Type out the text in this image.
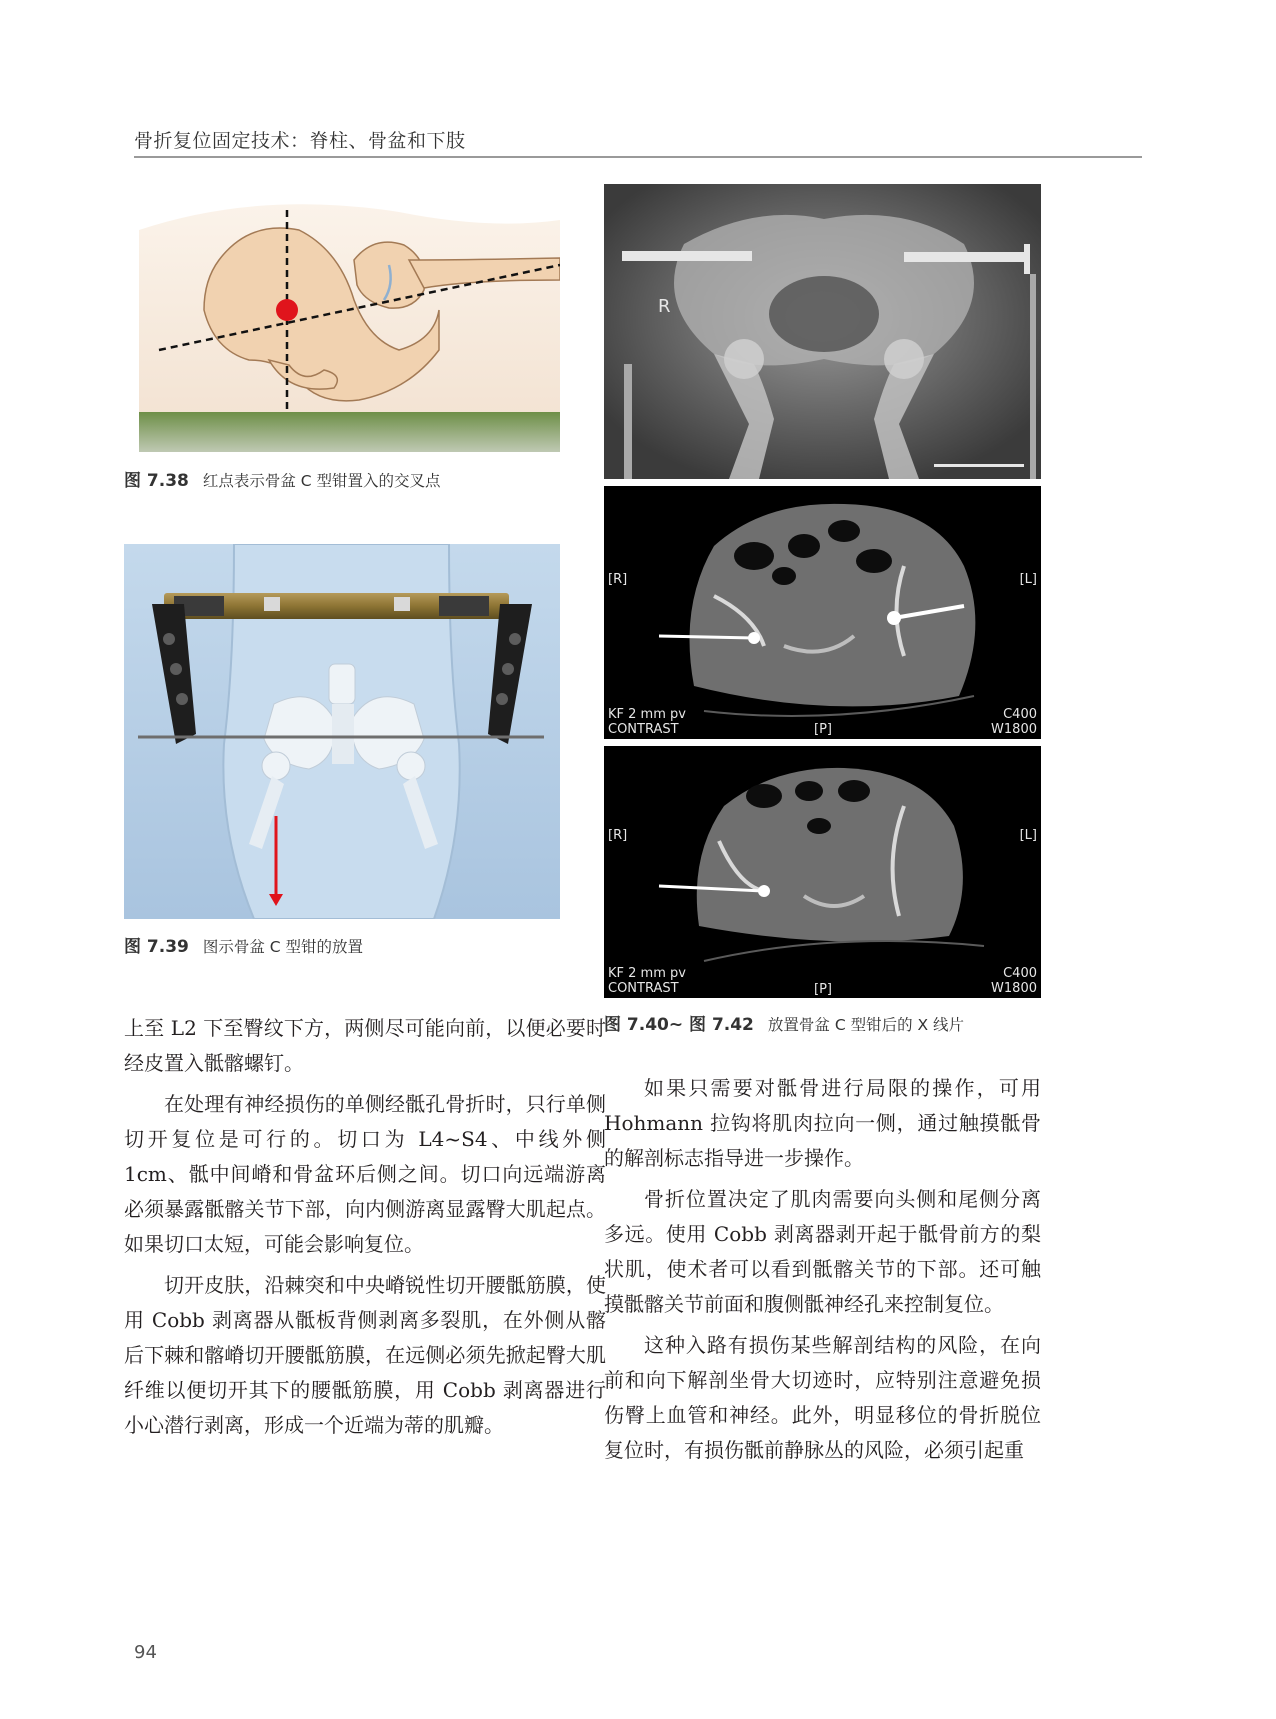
骨折复位固定技术：脊柱、骨盆和下肢
图 7.38 红点表示骨盆 C 型钳置入的交叉点
图 7.39 图示骨盆 C 型钳的放置
R
[R]	[L]
[P]
KF 2 mm pv
CONTRAST
C400
W1800
[R]	[L]
[P]
KF 2 mm pv
CONTRAST
C400
W1800
图 7.40~ 图 7.42 放置骨盆 C 型钳后的 X 线片

上至 L2 下至臀纹下方，两侧尽可能向前，以便必要时经皮置入骶髂螺钉。

在处理有神经损伤的单侧经骶孔骨折时，只行单侧切开复位是可行的。切口为 L4~S4、中线外侧 1cm、骶中间嵴和骨盆环后侧之间。切口向远端游离必须暴露骶髂关节下部，向内侧游离显露臀大肌起点。如果切口太短，可能会影响复位。

切开皮肤，沿棘突和中央嵴锐性切开腰骶筋膜，使用 Cobb 剥离器从骶板背侧剥离多裂肌，在外侧从髂后下棘和髂嵴切开腰骶筋膜，在远侧必须先掀起臀大肌纤维以便切开其下的腰骶筋膜，用 Cobb 剥离器进行小心潜行剥离，形成一个近端为蒂的肌瓣。

如果只需要对骶骨进行局限的操作，可用 Hohmann 拉钩将肌肉拉向一侧，通过触摸骶骨的解剖标志指导进一步操作。

骨折位置决定了肌肉需要向头侧和尾侧分离多远。使用 Cobb 剥离器剥开起于骶骨前方的梨状肌，使术者可以看到骶髂关节的下部。还可触摸骶髂关节前面和腹侧骶神经孔来控制复位。

这种入路有损伤某些解剖结构的风险，在向前和向下解剖坐骨大切迹时，应特别注意避免损伤臀上血管和神经。此外，明显移位的骨折脱位复位时，有损伤骶前静脉丛的风险，必须引起重

94
